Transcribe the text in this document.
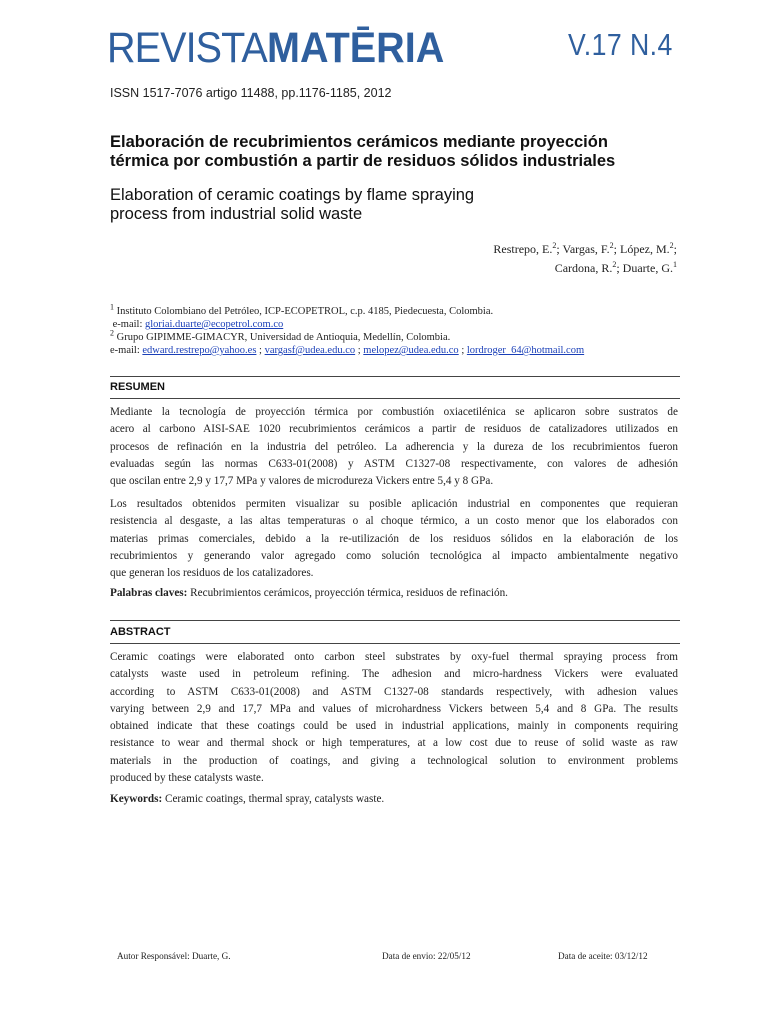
REVISTA MATĒRIA	V.17 N.4
ISSN 1517-7076 artigo 11488, pp.1176-1185, 2012
Elaboración de recubrimientos cerámicos mediante proyección
térmica por combustión a partir de residuos sólidos industriales
Elaboration of ceramic coatings by flame spraying
process from industrial solid waste
Restrepo, E.$^2$; Vargas, F.$^2$; López, M.$^2$;
Cardona, R.$^2$; Duarte, G.$^1$
$^1$ Instituto Colombiano del Petróleo, ICP-ECOPETROL, c.p. 4185, Piedecuesta, Colombia.
e-mail: gloriai.duarte@ecopetrol.com.co
$^2$ Grupo GIPIMME-GIMACYR, Universidad de Antioquia, Medellín, Colombia.
e-mail: edward.restrepo@yahoo.es ; vargasf@udea.edu.co ; melopez@udea.edu.co ; lordroger_64@hotmail.com
RESUMEN
Mediante la tecnología de proyección térmica por combustión oxiacetilénica se aplicaron sobre sustratos de
acero al carbono AISI-SAE 1020 recubrimientos cerámicos a partir de residuos de catalizadores utilizados en
procesos de refinación en la industria del petróleo. La adherencia y la dureza de los recubrimientos fueron
evaluadas según las normas C633-01(2008) y ASTM C1327-08 respectivamente, con valores de adhesión
que oscilan entre 2,9 y 17,7 MPa y valores de microdureza Vickers entre 5,4 y 8 GPa.
Los resultados obtenidos permiten visualizar su posible aplicación industrial en componentes que requieran
resistencia al desgaste, a las altas temperaturas o al choque térmico, a un costo menor que los elaborados con
materias primas comerciales, debido a la re-utilización de los residuos sólidos en la elaboración de los
recubrimientos y generando valor agregado como solución tecnológica al impacto ambientalmente negativo
que generan los residuos de los catalizadores.
Palabras claves: Recubrimientos cerámicos, proyección térmica, residuos de refinación.
ABSTRACT
Ceramic coatings were elaborated onto carbon steel substrates by oxy-fuel thermal spraying process from
catalysts waste used in petroleum refining. The adhesion and micro-hardness Vickers were evaluated
according to ASTM C633-01(2008) and ASTM C1327-08 standards respectively, with adhesion values
varying between 2,9 and 17,7 MPa and values of microhardness Vickers between 5,4 and 8 GPa. The results
obtained indicate that these coatings could be used in industrial applications, mainly in components requiring
resistance to wear and thermal shock or high temperatures, at a low cost due to reuse of solid waste as raw
materials in the production of coatings, and giving a technological solution to environment problems
produced by these catalysts waste.
Keywords: Ceramic coatings, thermal spray, catalysts waste.
Autor Responsável: Duarte, G.	Data de envio: 22/05/12	Data de aceite: 03/12/12
